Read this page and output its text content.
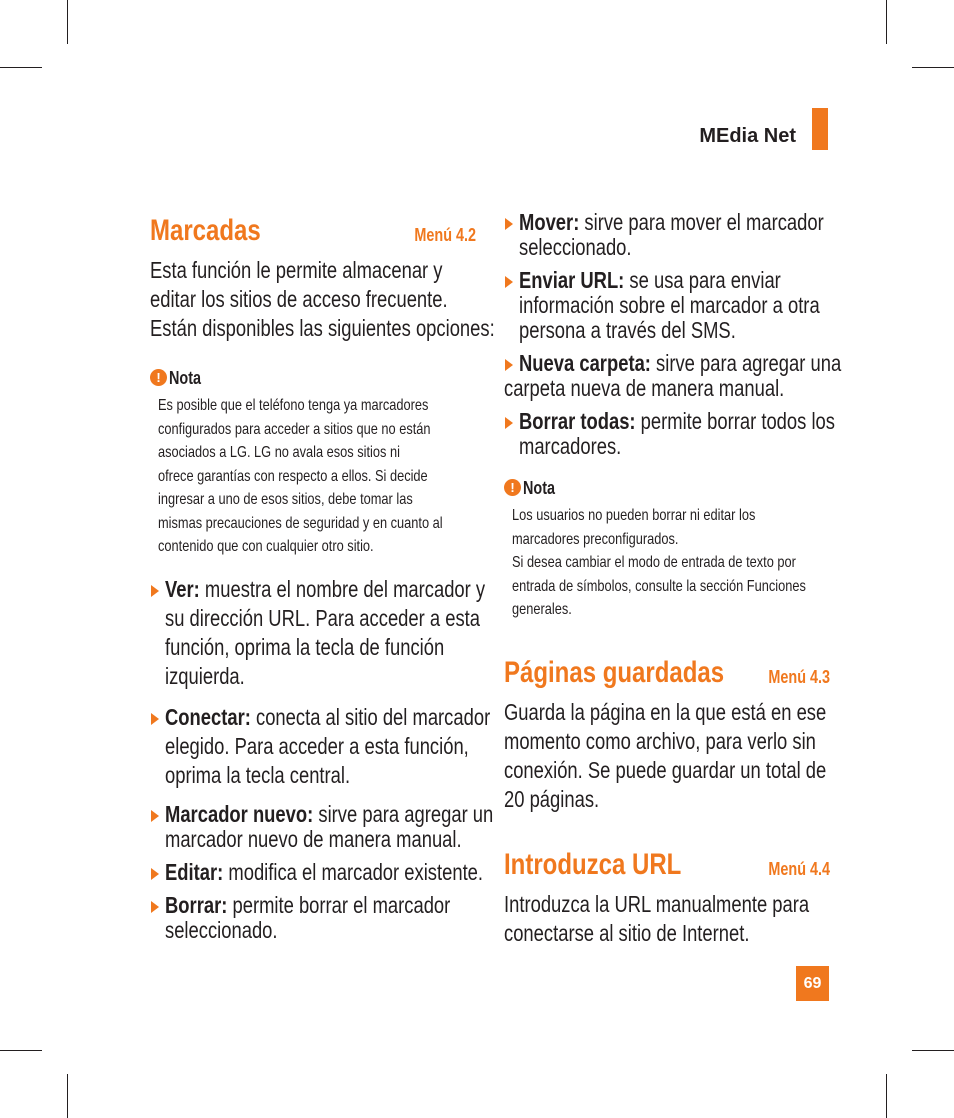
MEdia Net
Marcadas	Menú 4.2
Esta función le permite almacenar y
editar los sitios de acceso frecuente.
Están disponibles las siguientes opciones:
! Nota
Es posible que el teléfono tenga ya marcadores
configurados para acceder a sitios que no están
asociados a LG. LG no avala esos sitios ni
ofrece garantías con respecto a ellos. Si decide
ingresar a uno de esos sitios, debe tomar las
mismas precauciones de seguridad y en cuanto al
contenido que con cualquier otro sitio.
Ver: muestra el nombre del marcador y
su dirección URL. Para acceder a esta
función, oprima la tecla de función
izquierda.
Conectar: conecta al sitio del marcador
elegido. Para acceder a esta función,
oprima la tecla central.
Marcador nuevo: sirve para agregar un
marcador nuevo de manera manual.
Editar: modifica el marcador existente.
Borrar: permite borrar el marcador
seleccionado.
Mover: sirve para mover el marcador
seleccionado.
Enviar URL: se usa para enviar
información sobre el marcador a otra
persona a través del SMS.
Nueva carpeta: sirve para agregar una
carpeta nueva de manera manual.
Borrar todas: permite borrar todos los
marcadores.
! Nota
Los usuarios no pueden borrar ni editar los
marcadores preconfigurados.
Si desea cambiar el modo de entrada de texto por
entrada de símbolos, consulte la sección Funciones
generales.
Páginas guardadas Menú 4.3
Guarda la página en la que está en ese
momento como archivo, para verlo sin
conexión. Se puede guardar un total de
20 páginas.
Introduzca URL	Menú 4.4
Introduzca la URL manualmente para
conectarse al sitio de Internet.
69
